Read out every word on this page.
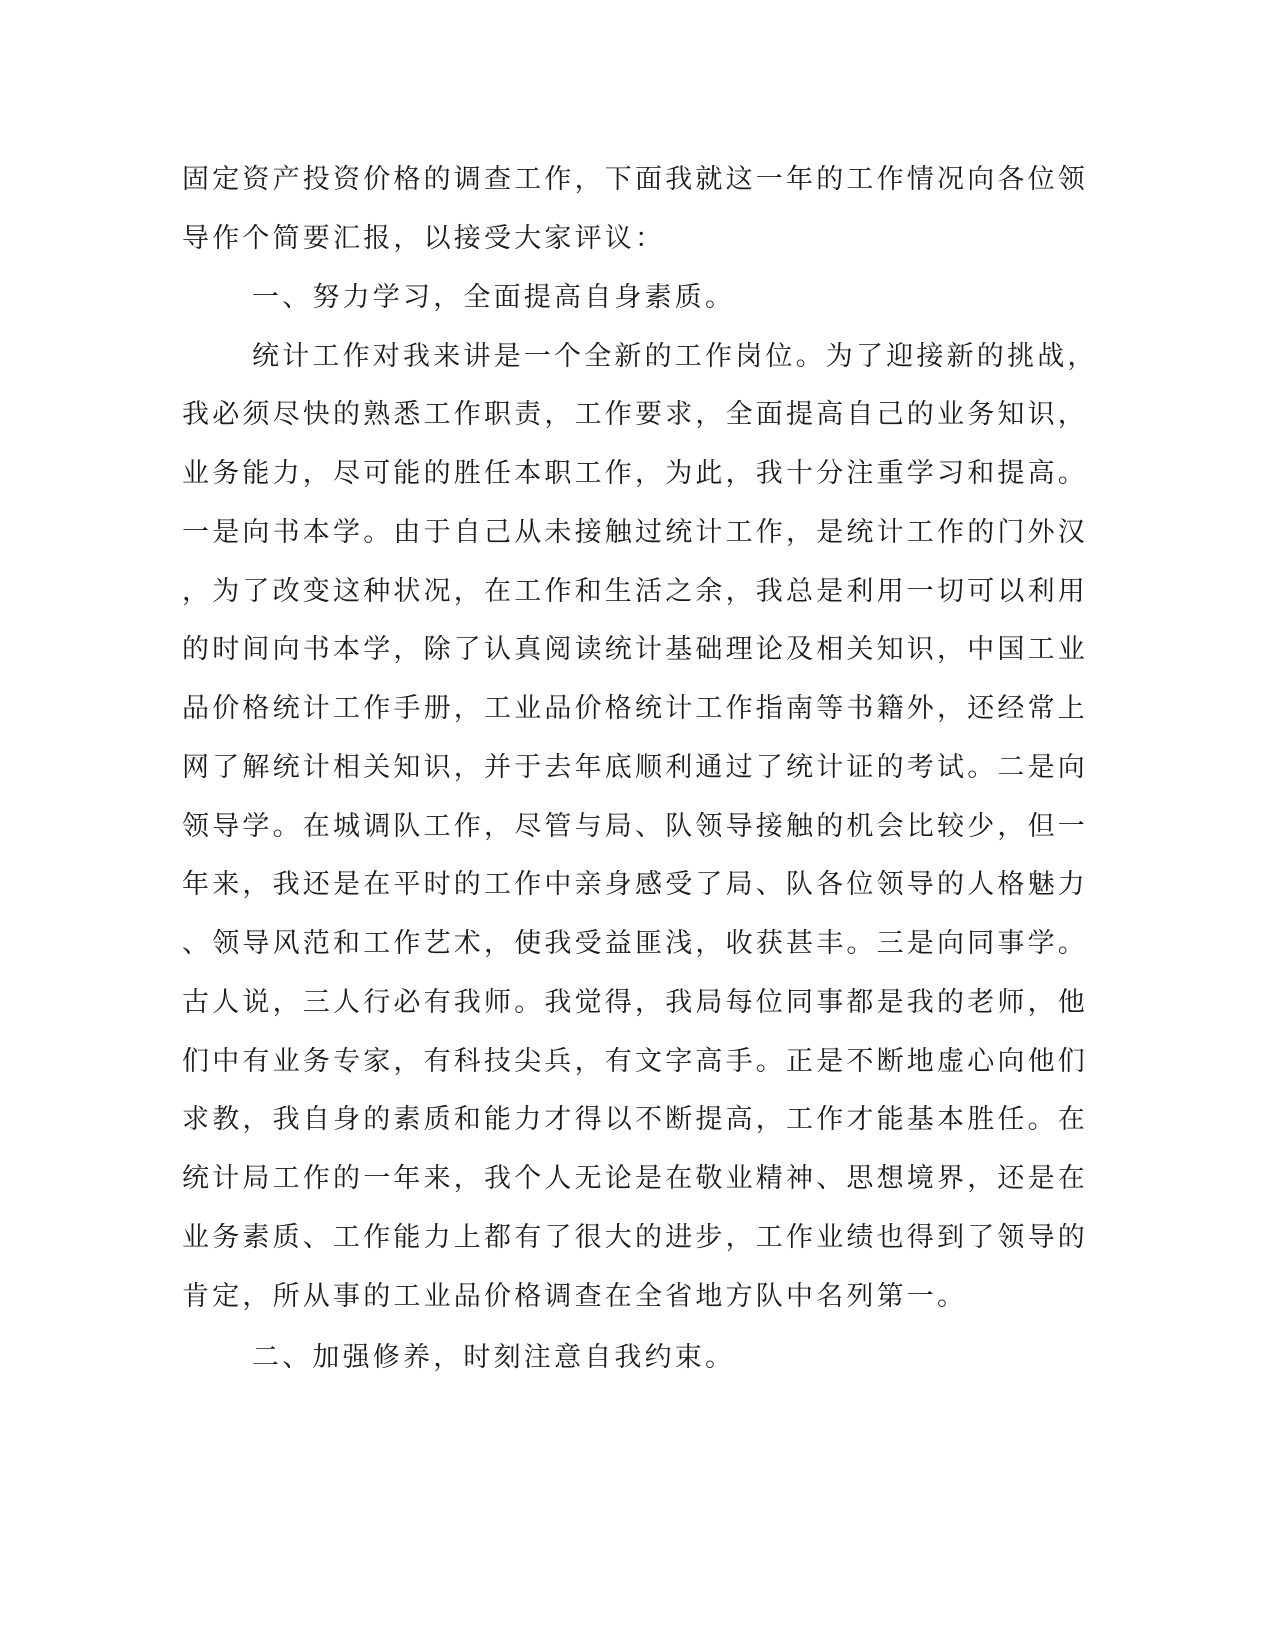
固定资产投资价格的调查工作，下面我就这一年的工作情况向各位领
导作个简要汇报，以接受大家评议：
一、努力学习，全面提高自身素质。
统计工作对我来讲是一个全新的工作岗位。为了迎接新的挑战，
我必须尽快的熟悉工作职责，工作要求，全面提高自己的业务知识，
业务能力，尽可能的胜任本职工作，为此，我十分注重学习和提高。
一是向书本学。由于自己从未接触过统计工作，是统计工作的门外汉
，为了改变这种状况，在工作和生活之余，我总是利用一切可以利用
的时间向书本学，除了认真阅读统计基础理论及相关知识，中国工业
品价格统计工作手册，工业品价格统计工作指南等书籍外，还经常上
网了解统计相关知识，并于去年底顺利通过了统计证的考试。二是向
领导学。在城调队工作，尽管与局、队领导接触的机会比较少，但一
年来，我还是在平时的工作中亲身感受了局、队各位领导的人格魅力
、领导风范和工作艺术，使我受益匪浅，收获甚丰。三是向同事学。
古人说，三人行必有我师。我觉得，我局每位同事都是我的老师，他
们中有业务专家，有科技尖兵，有文字高手。正是不断地虚心向他们
求教，我自身的素质和能力才得以不断提高，工作才能基本胜任。在
统计局工作的一年来，我个人无论是在敬业精神、思想境界，还是在
业务素质、工作能力上都有了很大的进步，工作业绩也得到了领导的
肯定，所从事的工业品价格调查在全省地方队中名列第一。
二、加强修养，时刻注意自我约束。
